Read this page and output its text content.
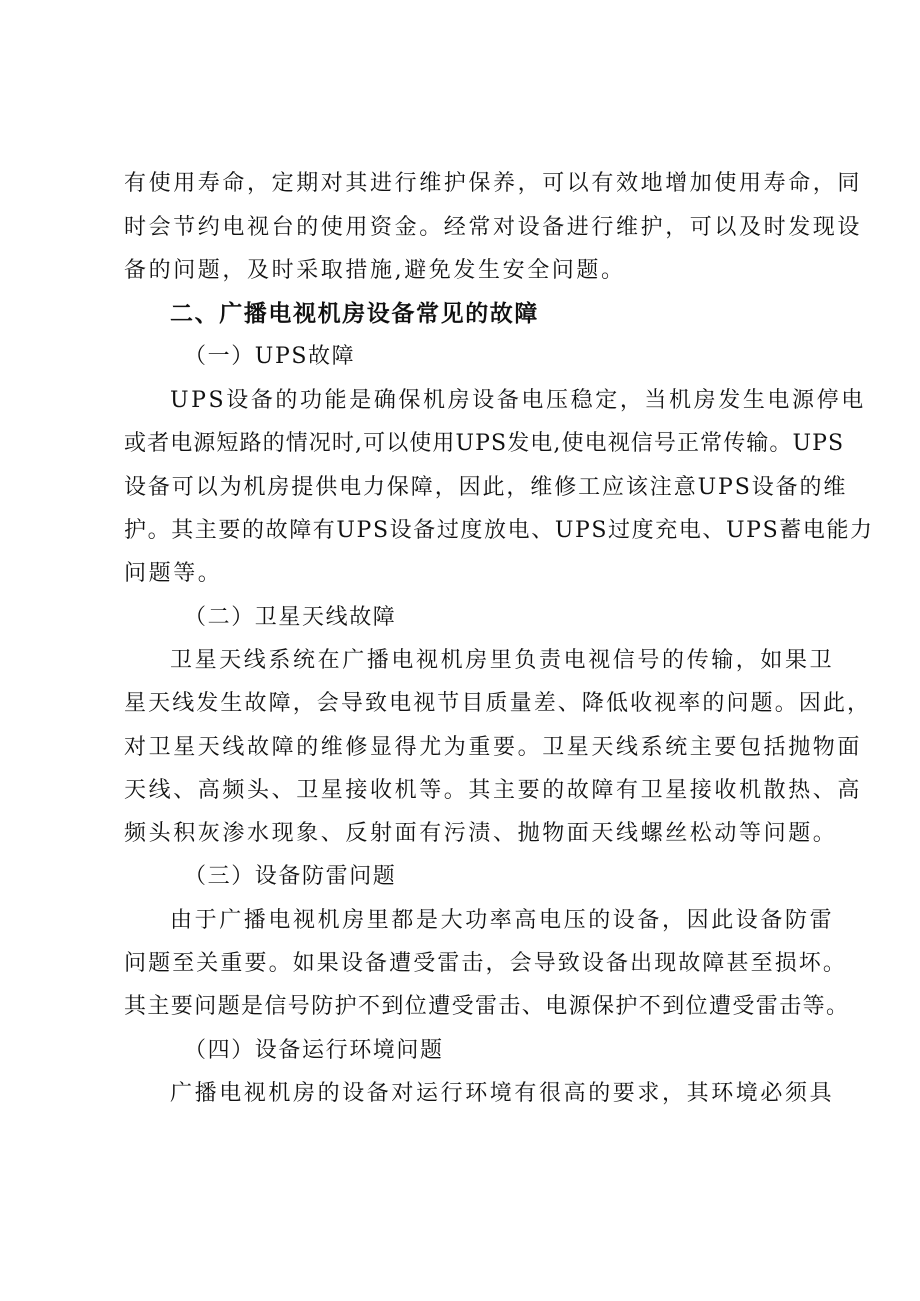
有使用寿命，定期对其进行维护保养，可以有效地增加使用寿命，同
时会节约电视台的使用资金。经常对设备进行维护，可以及时发现设
备的问题，及时采取措施,避免发生安全问题。
二、广播电视机房设备常见的故障
（一）UPS故障
UPS设备的功能是确保机房设备电压稳定，当机房发生电源停电
或者电源短路的情况时,可以使用UPS发电,使电视信号正常传输。UPS
设备可以为机房提供电力保障，因此，维修工应该注意UPS设备的维
护。其主要的故障有UPS设备过度放电、UPS过度充电、UPS蓄电能力
问题等。
（二）卫星天线故障
卫星天线系统在广播电视机房里负责电视信号的传输，如果卫
星天线发生故障，会导致电视节目质量差、降低收视率的问题。因此，
对卫星天线故障的维修显得尤为重要。卫星天线系统主要包括抛物面
天线、高频头、卫星接收机等。其主要的故障有卫星接收机散热、高
频头积灰渗水现象、反射面有污渍、抛物面天线螺丝松动等问题。
（三）设备防雷问题
由于广播电视机房里都是大功率高电压的设备，因此设备防雷
问题至关重要。如果设备遭受雷击，会导致设备出现故障甚至损坏。
其主要问题是信号防护不到位遭受雷击、电源保护不到位遭受雷击等。
（四）设备运行环境问题
广播电视机房的设备对运行环境有很高的要求，其环境必须具
